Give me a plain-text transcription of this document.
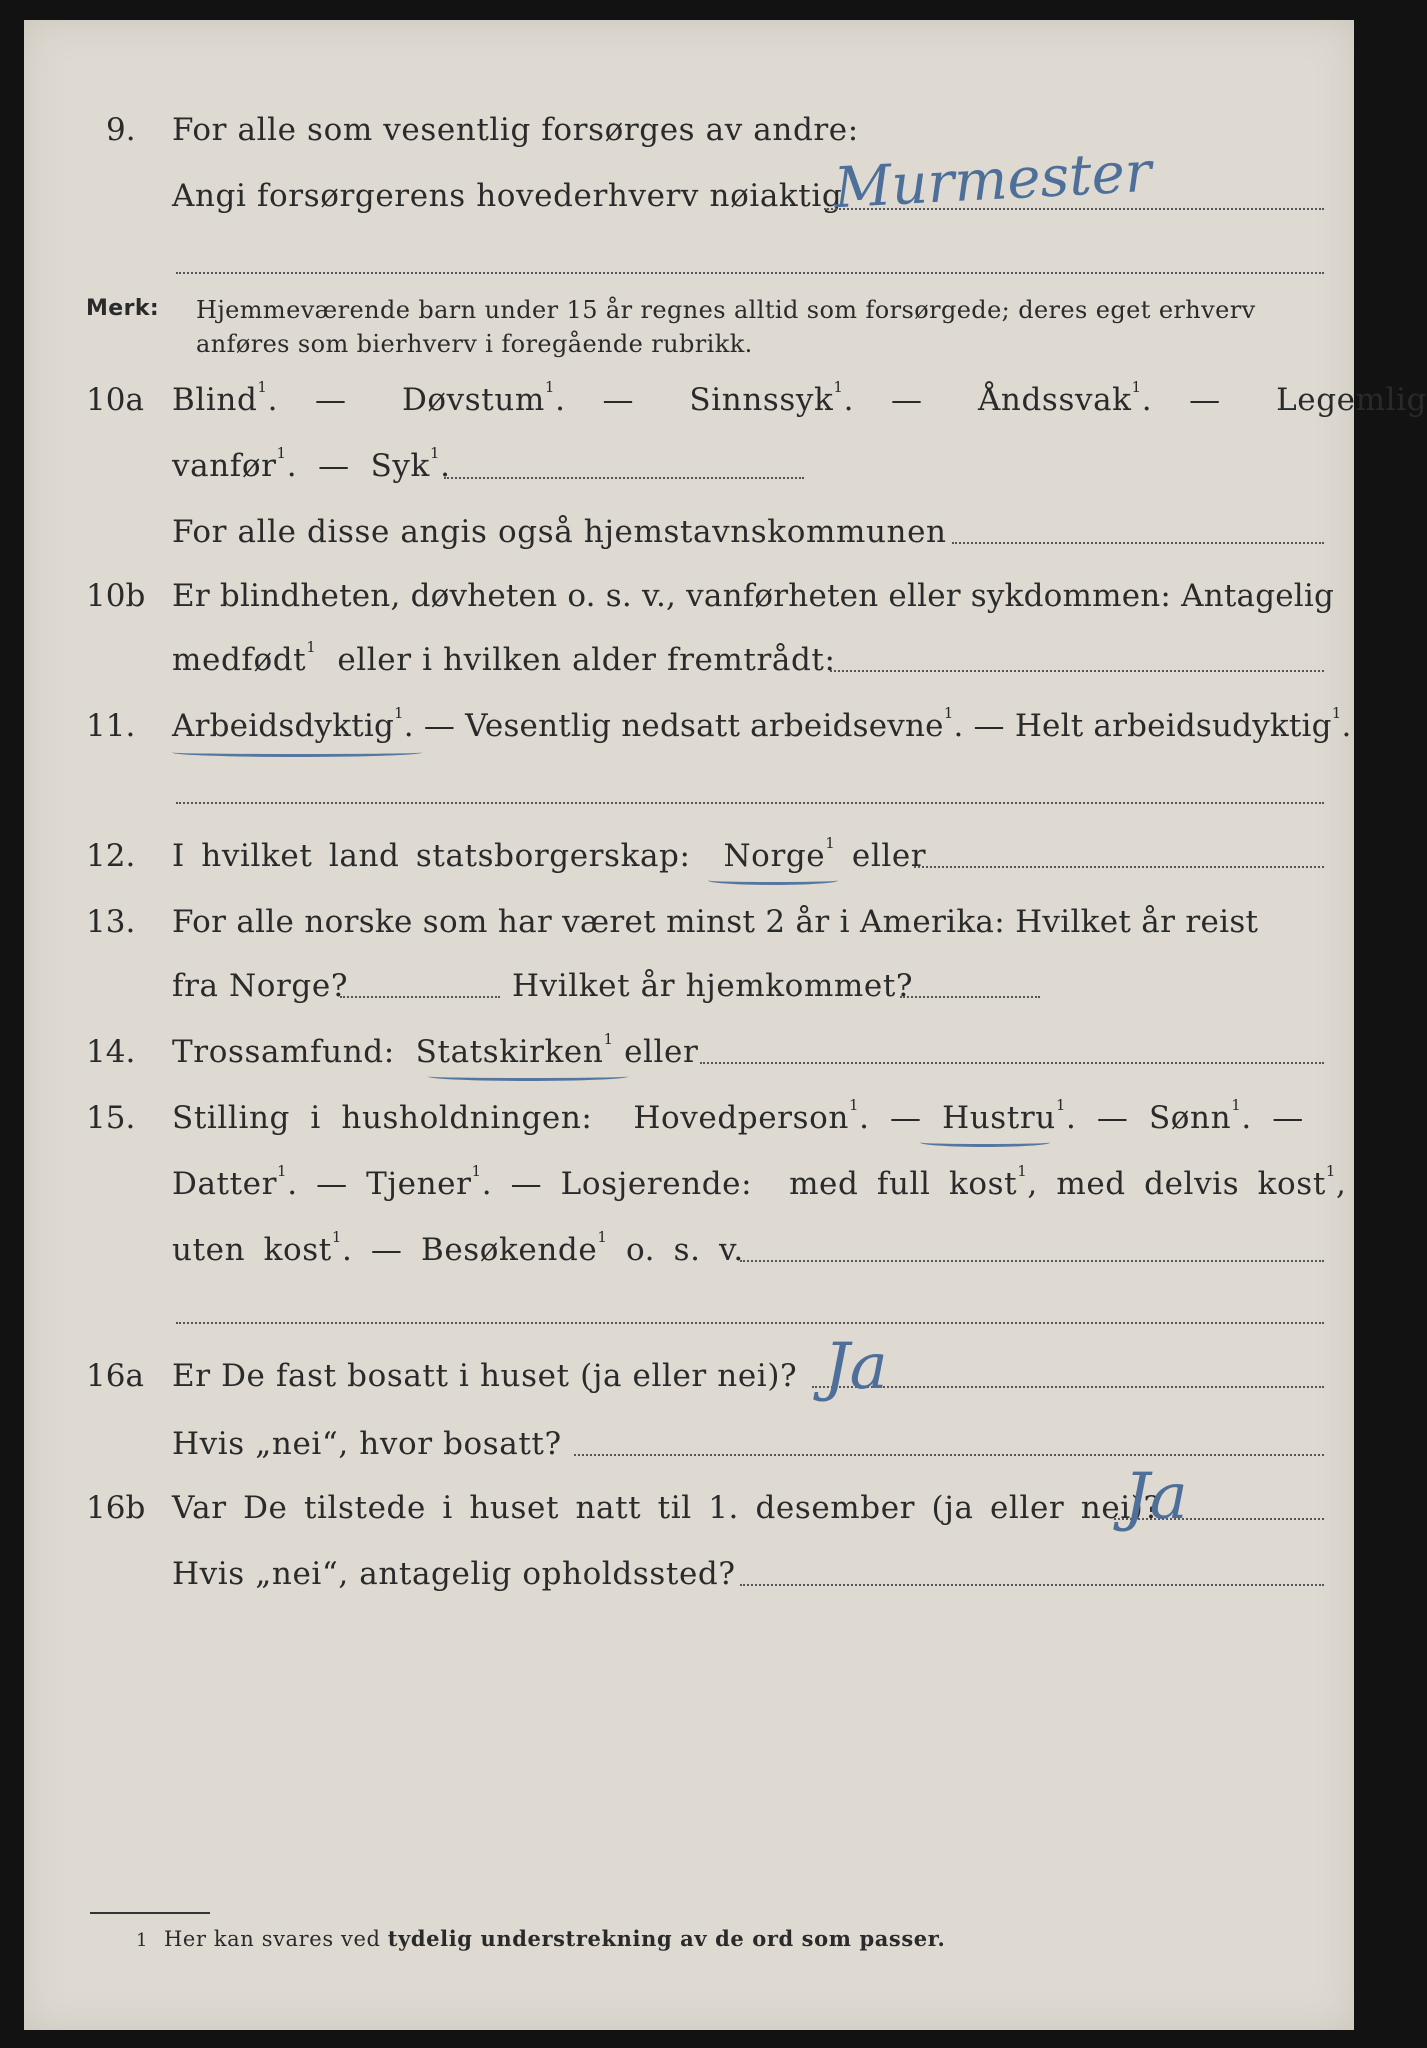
9. For alle som vesentlig forsørges av andre:
Angi forsørgerens hovederhverv nøiaktig
Murmester
Merk: Hjemmeværende barn under 15 år regnes alltid som forsørgede; deres eget erhverv
anføres som bierhverv i foregående rubrikk.
10a Blind$^1$.  — Døvstum$^1$.  — Sinnssyk$^1$.  — Åndssvak$^1$.  — Legemlig
vanfør$^1$.  — Syk$^1$.
For alle disse angis også hjemstavnskommunen
10b Er blindheten, døvheten o. s. v., vanførheten eller sykdommen: Antagelig
medfødt$^1$ eller i hvilken alder fremtrådt:
11. Arbeidsdyktig$^1$. — Vesentlig nedsatt arbeidsevne$^1$. — Helt arbeidsudyktig$^1$.
12. I hvilket land statsborgerskap: Norge$^1$ eller
13. For alle norske som har været minst 2 år i Amerika: Hvilket år reist
fra Norge?	Hvilket år hjemkommet?
14. Trossamfund: Statskirken$^1$ eller
15. Stilling i husholdningen: Hovedperson$^1$. — Hustru$^1$. — Sønn$^1$. —
Datter$^1$. — Tjener$^1$. — Losjerende: med full kost$^1$, med delvis kost$^1$,
uten kost$^1$. — Besøkende$^1$ o. s. v.
16a Er De fast bosatt i huset (ja eller nei)? Ja
Hvis „nei“, hvor bosatt?
16b Var De tilstede i huset natt til 1. desember (ja eller nei)?
Ja
Hvis „nei“, antagelig opholdssted?
1 Her kan svares ved tydelig understrekning av de ord som passer.
